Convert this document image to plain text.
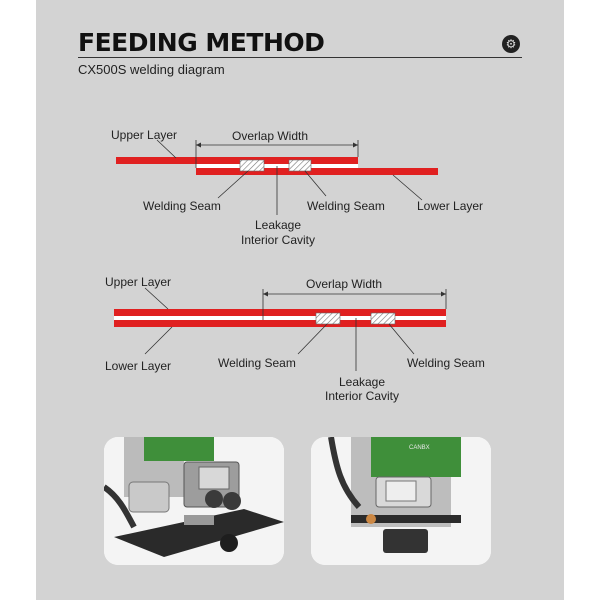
FEEDING METHOD	⚙
CX500S welding diagram
Upper Layer	Overlap Width
Welding Seam	Welding Seam	Lower Layer
Leakage
Interior Cavity
Upper Layer	Overlap Width
Lower Layer	Welding Seam	Welding Seam
Leakage
Interior Cavity
CANBX
